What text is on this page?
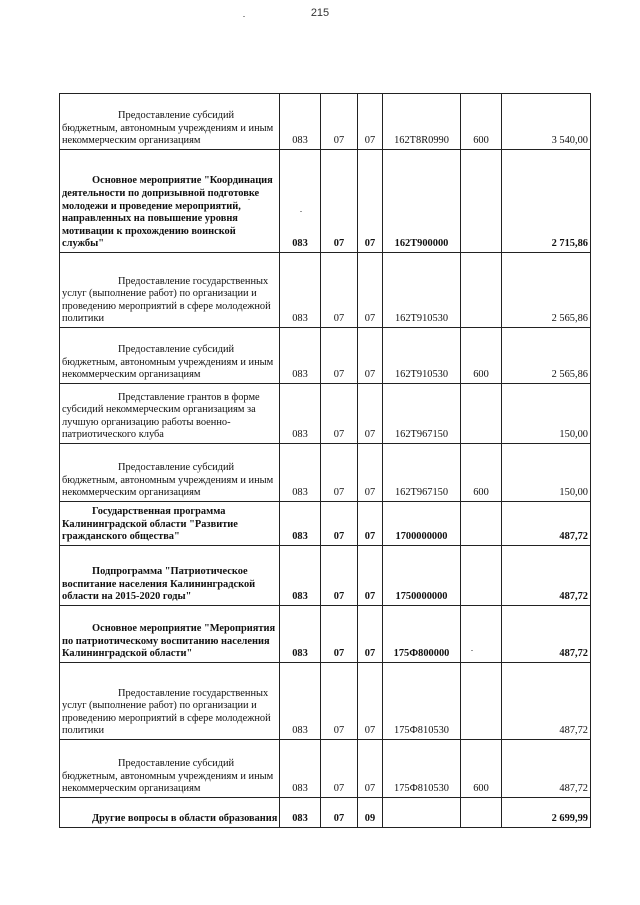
215
Предоставление субсидий бюджетным, автономным учреждениям и иным некоммерческим организациям	083	07	07	162Т8R0990	600	3 540,00
Основное мероприятие "Координация деятельности по допризывной подготовке молодежи и проведение мероприятий, направленных на повышение уровня мотивации к прохождению воинской службы"	083	07	07	162Т900000		2 715,86
Предоставление государственных услуг (выполнение работ) по организации и проведению мероприятий в сфере молодежной политики	083	07	07	162Т910530		2 565,86
Предоставление субсидий бюджетным, автономным учреждениям и иным некоммерческим организациям	083	07	07	162Т910530	600	2 565,86
Представление грантов в форме субсидий некоммерческим организациям за лучшую организацию работы военно-патриотического клуба	083	07	07	162Т967150		150,00
Предоставление субсидий бюджетным, автономным учреждениям и иным некоммерческим организациям	083	07	07	162Т967150	600	150,00
Государственная программа Калининградской области "Развитие гражданского общества"	083	07	07	1700000000		487,72
Подпрограмма "Патриотическое воспитание населения Калининградской области на 2015-2020 годы"	083	07	07	1750000000		487,72
Основное мероприятие "Мероприятия по патриотическому воспитанию населения Калининградской области"	083	07	07	175Ф800000		487,72
Предоставление государственных услуг (выполнение работ) по организации и проведению мероприятий в сфере молодежной политики	083	07	07	175Ф810530		487,72
Предоставление субсидий бюджетным, автономным учреждениям и иным некоммерческим организациям	083	07	07	175Ф810530	600	487,72
Другие вопросы в области образования	083	07	09			2 699,99
